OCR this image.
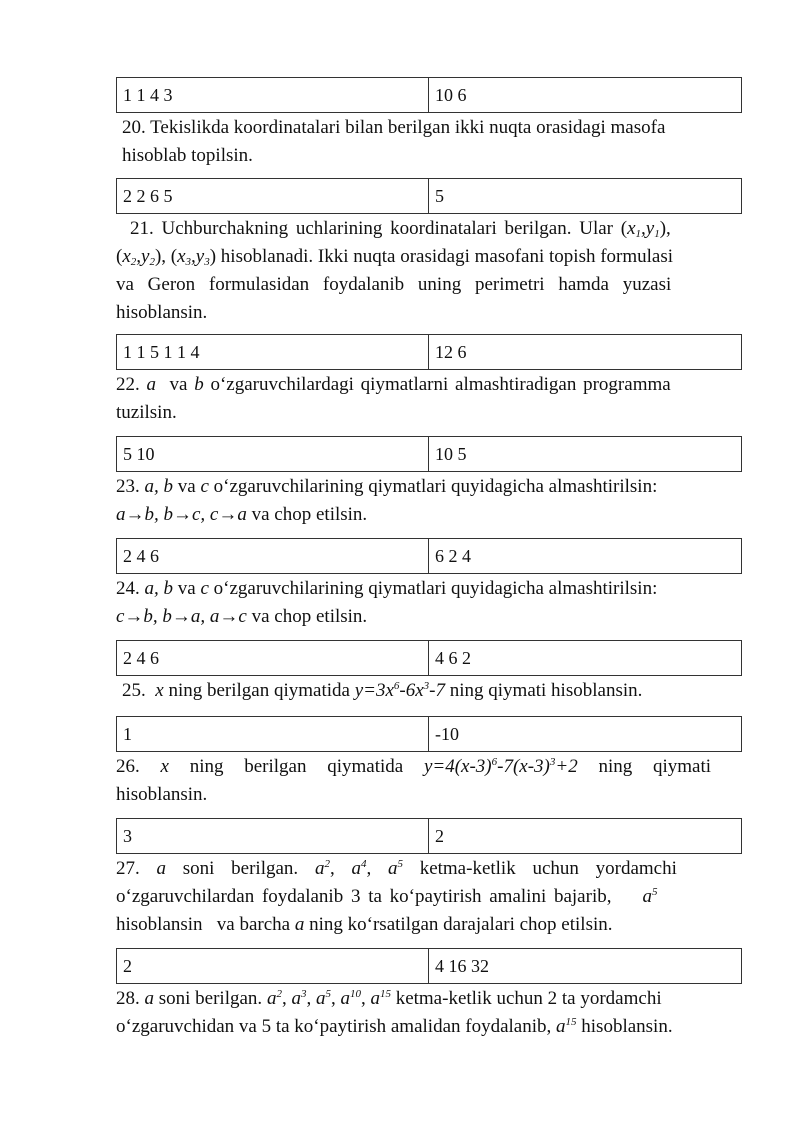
1 1 4 3	10 6
20. Tekislikda koordinatalari bilan berilgan ikki nuqta orasidagi masofa
hisoblab topilsin.
2 2 6 5	5
21. Uchburchakning uchlarining koordinatalari berilgan. Ular $(x_1,y_1)$,
$(x_2,y_2)$, $(x_3,y_3)$ hisoblanadi. Ikki nuqta orasidagi masofani topish formulasi
va Geron formulasidan foydalanib uning perimetri hamda yuzasi
hisoblansin.
1 1 5 1 1 4	12 6
22. a  va b o‘zgaruvchilardagi qiymatlarni almashtiradigan programma
tuzilsin.
5 10	10 5
23. a, b va c o‘zgaruvchilarining qiymatlari quyidagicha almashtirilsin:
a→b, b→c, c→a va chop etilsin.
2 4 6	6 2 4
24. a, b va c o‘zgaruvchilarining qiymatlari quyidagicha almashtirilsin:
c→b, b→a, a→c va chop etilsin.
2 4 6	4 6 2
25.  x ning berilgan qiymatida $y=3x^6-6x^3-7$ ning qiymati hisoblansin.
1	-10
26. x ning berilgan qiymatida $y=4(x-3)^6-7(x-3)^3+2$ ning qiymati
hisoblansin.
3	2
27. a soni berilgan. $a^2$, $a^4$, $a^5$ ketma-ketlik uchun yordamchi
o‘zgaruvchilardan foydalanib 3 ta ko‘paytirish amalini bajarib, $a^5$
hisoblansin   va barcha a ning ko‘rsatilgan darajalari chop etilsin.
2	4 16 32
28. a soni berilgan. $a^2$, $a^3$, $a^5$, $a^{10}$, $a^{15}$ ketma-ketlik uchun 2 ta yordamchi
o‘zgaruvchidan va 5 ta ko‘paytirish amalidan foydalanib, $a^{15}$ hisoblansin.
